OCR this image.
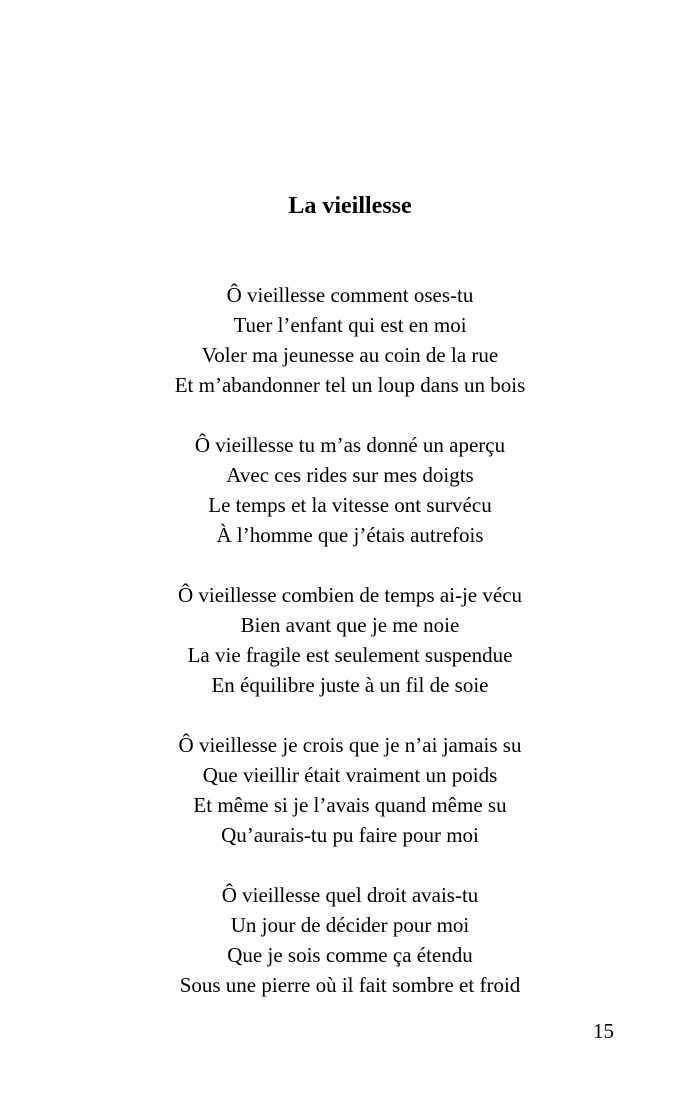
La vieillesse
Ô vieillesse comment oses-tu
Tuer l’enfant qui est en moi
Voler ma jeunesse au coin de la rue
Et m’abandonner tel un loup dans un bois
Ô vieillesse tu m’as donné un aperçu
Avec ces rides sur mes doigts
Le temps et la vitesse ont survécu
À l’homme que j’étais autrefois
Ô vieillesse combien de temps ai-je vécu
Bien avant que je me noie
La vie fragile est seulement suspendue
En équilibre juste à un fil de soie
Ô vieillesse je crois que je n’ai jamais su
Que vieillir était vraiment un poids
Et même si je l’avais quand même su
Qu’aurais-tu pu faire pour moi
Ô vieillesse quel droit avais-tu
Un jour de décider pour moi
Que je sois comme ça étendu
Sous une pierre où il fait sombre et froid
15
